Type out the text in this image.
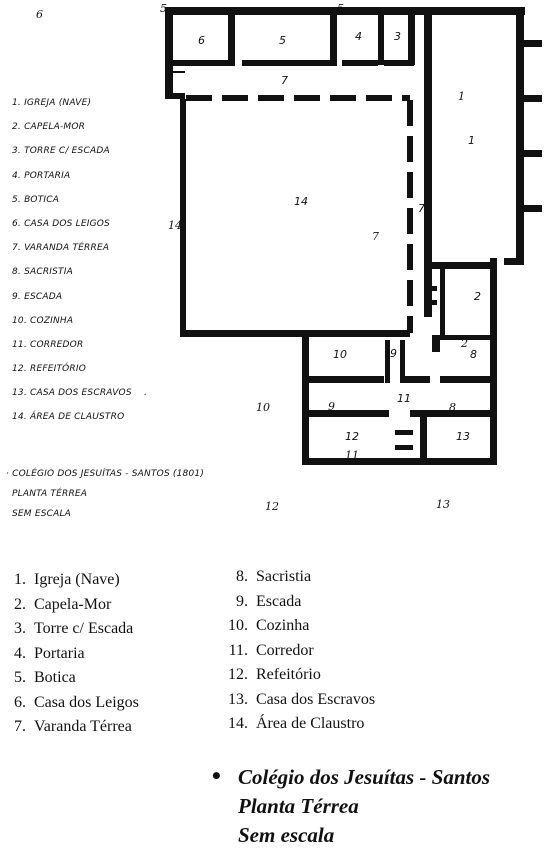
6
1. IGREJA (NAVE)
2. CAPELA-MOR
3. TORRE C/ ESCADA
4. PORTARIA
5. BOTICA
6. CASA DOS LEIGOS
7. VARANDA TÉRREA
8. SACRISTIA
9. ESCADA
10. COZINHA
11. CORREDOR
12. REFEITÓRIO
13. CASA DOS ESCRAVOS    .
14. ÁREA DE CLAUSTRO
· COLÉGIO DOS JESUÍTAS - SANTOS (1801)
PLANTA TÉRREA
SEM ESCALA
6	5	4	3
7
1
14
7
2
10	9	8
11
12	13
5	5
1
14
7
2
10	9	8
11
12	13
1. Igreja (Nave)
2. Capela-Mor
3. Torre c/ Escada
4. Portaria
5. Botica
6. Casa dos Leigos
7. Varanda Térrea
8. Sacristia
9. Escada
10. Cozinha
11. Corredor
12. Refeitório
13. Casa dos Escravos
14. Área de Claustro
• Colégio dos Jesuítas - Santos
Planta Térrea
Sem escala
